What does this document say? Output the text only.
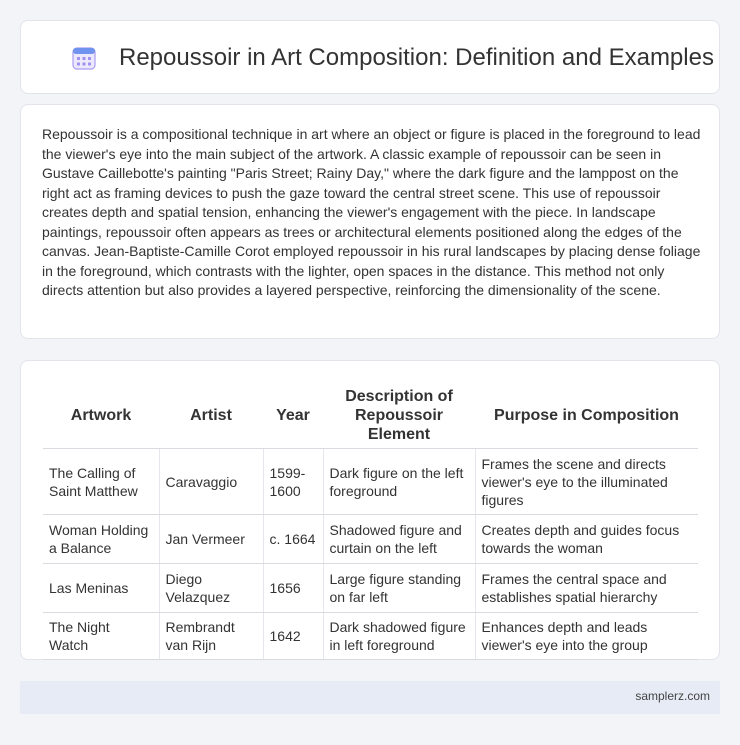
Repoussoir in Art Composition: Definition and Examples

Repoussoir is a compositional technique in art where an object or figure is placed in the foreground to lead the viewer's eye into the main subject of the artwork. A classic example of repoussoir can be seen in Gustave Caillebotte's painting "Paris Street; Rainy Day," where the dark figure and the lamppost on the right act as framing devices to push the gaze toward the central street scene. This use of repoussoir creates depth and spatial tension, enhancing the viewer's engagement with the piece. In landscape paintings, repoussoir often appears as trees or architectural elements positioned along the edges of the canvas. Jean-Baptiste-Camille Corot employed repoussoir in his rural landscapes by placing dense foliage in the foreground, which contrasts with the lighter, open spaces in the distance. This method not only directs attention but also provides a layered perspective, reinforcing the dimensionality of the scene.

Artwork	Artist	Year	Description of Repoussoir Element	Purpose in Composition
The Calling of Saint Matthew	Caravaggio	1599-1600	Dark figure on the left foreground	Frames the scene and directs viewer's eye to the illuminated figures
Woman Holding a Balance	Jan Vermeer	c. 1664	Shadowed figure and curtain on the left	Creates depth and guides focus towards the woman
Las Meninas	Diego Velazquez	1656	Large figure standing on far left	Frames the central space and establishes spatial hierarchy
The Night Watch	Rembrandt van Rijn	1642	Dark shadowed figure in left foreground	Enhances depth and leads viewer's eye into the group
samplerz.com
